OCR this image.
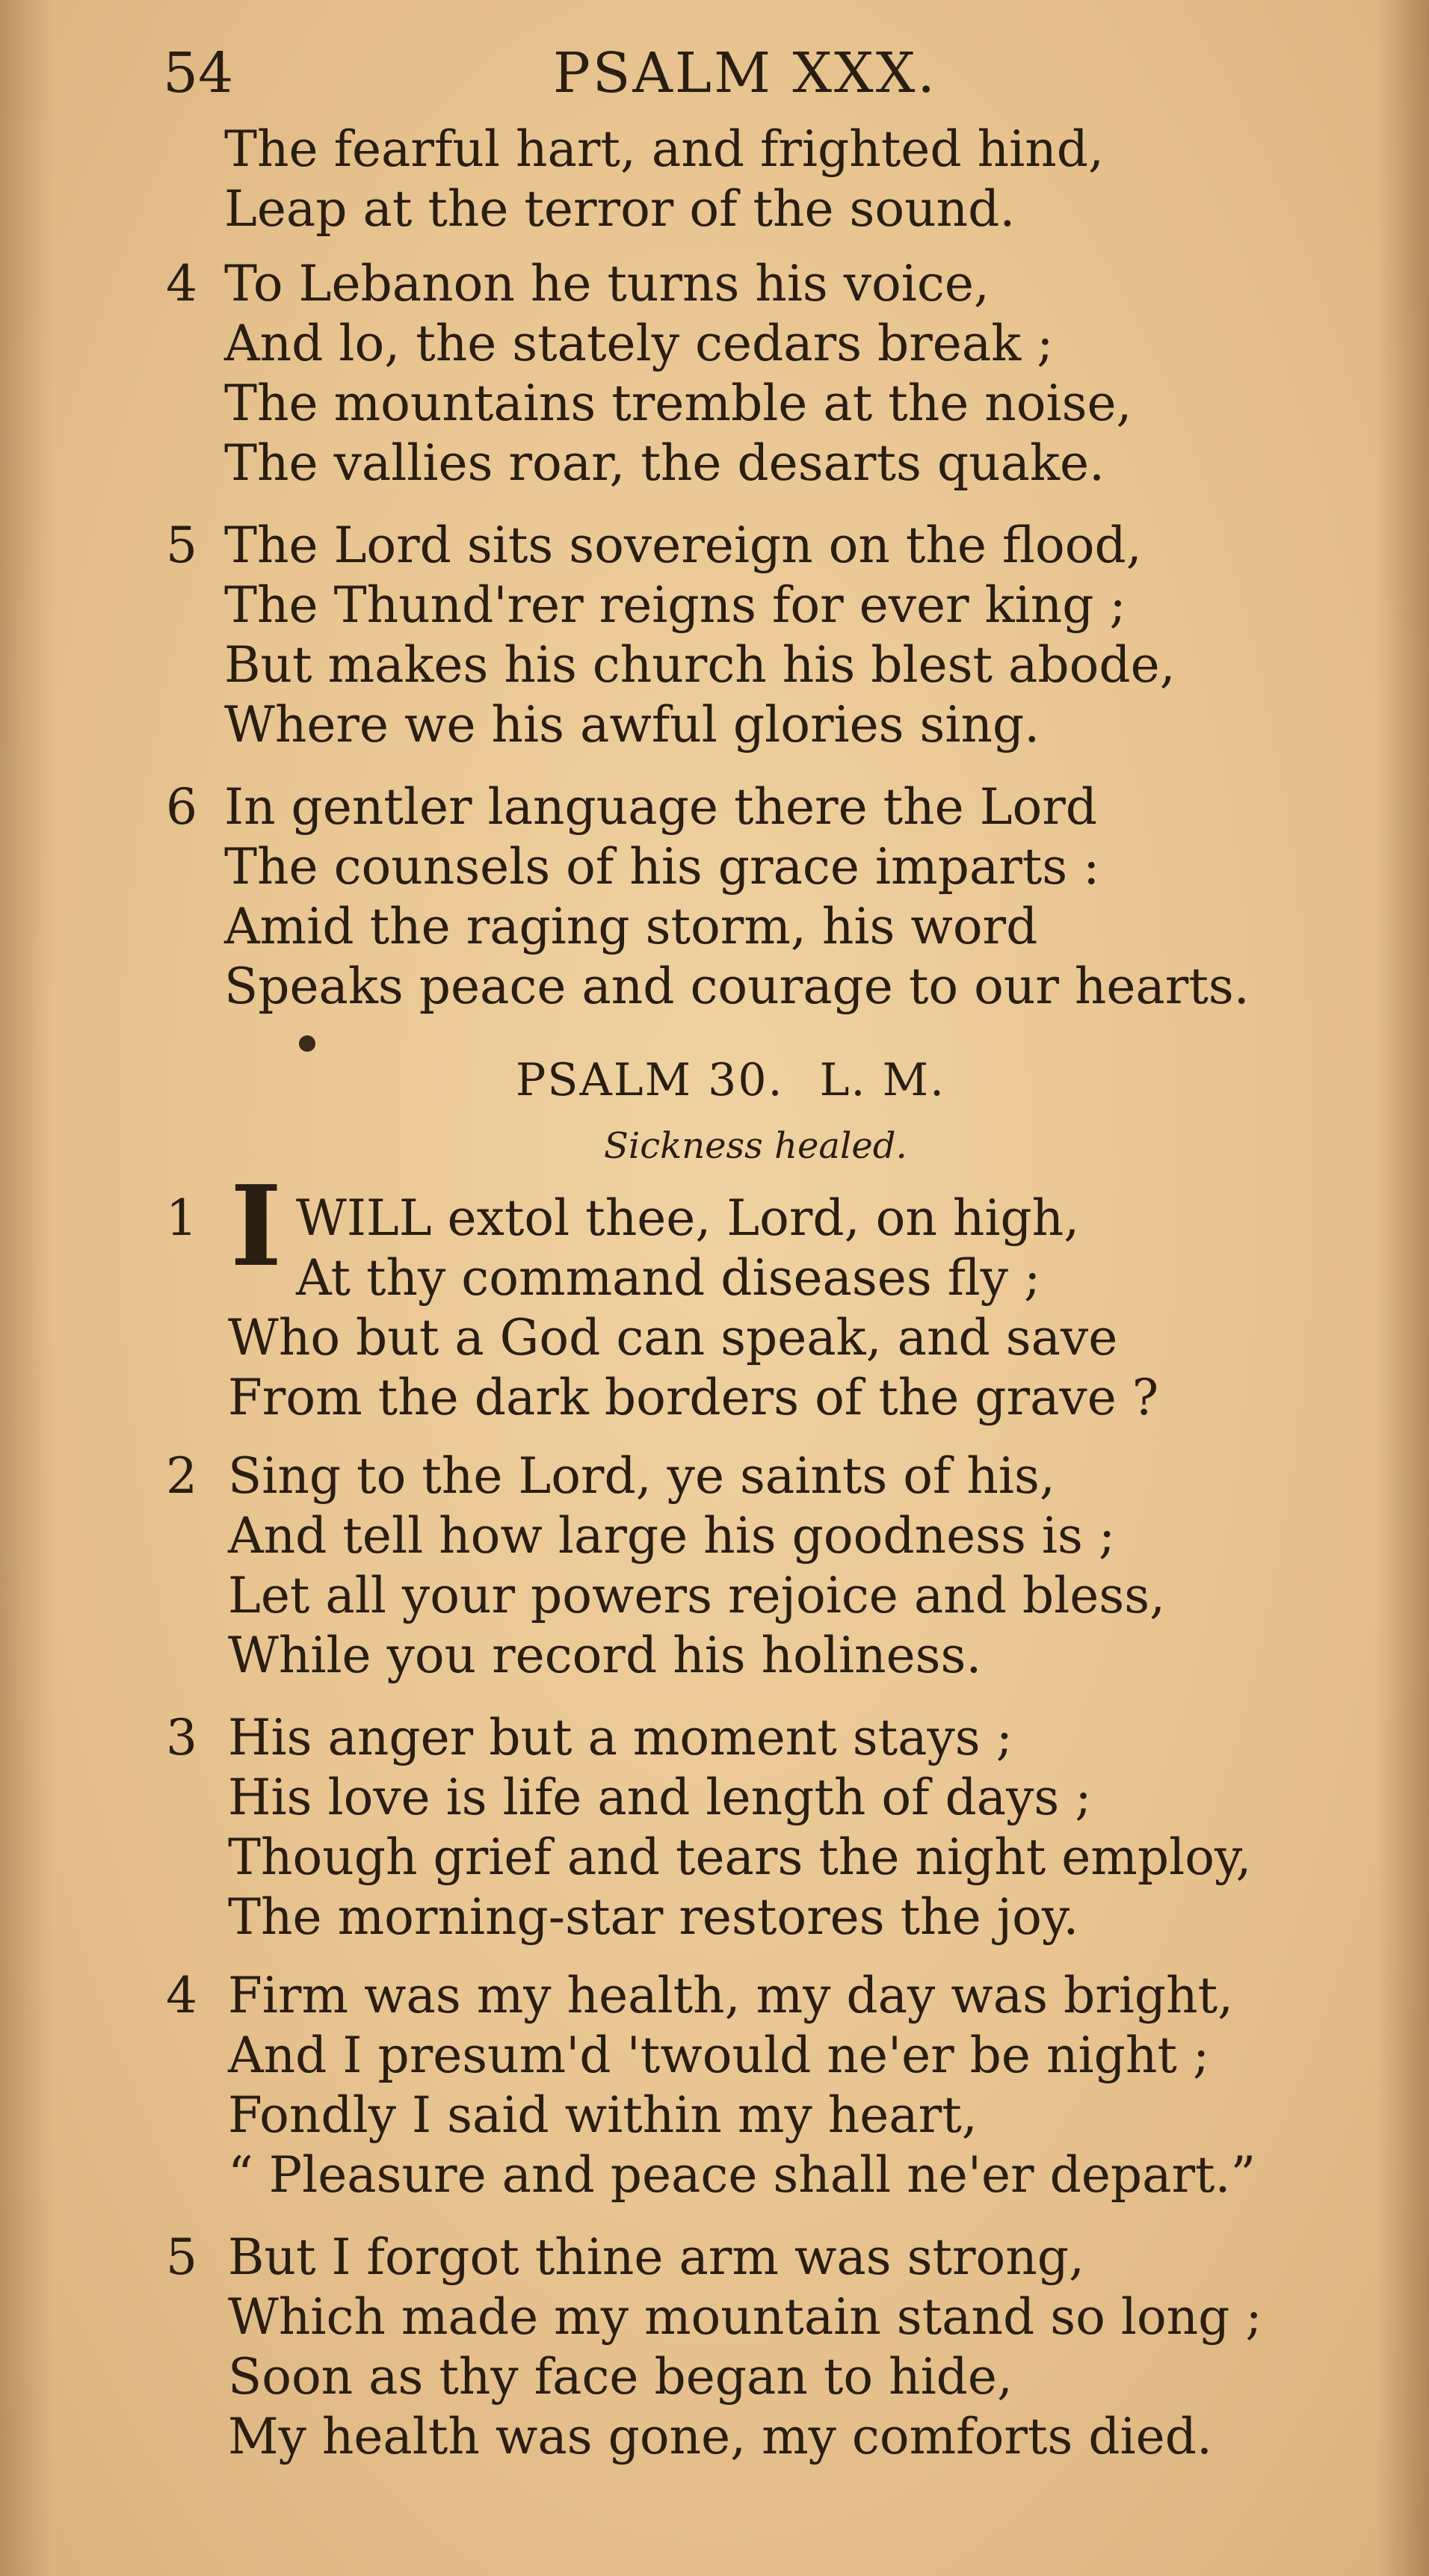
54	PSALM XXX.
The fearful hart, and frighted hind,
Leap at the terror of the sound.
4 To Lebanon he turns his voice,
And lo, the stately cedars break ;
The mountains tremble at the noise,
The vallies roar, the desarts quake.
5 The Lord sits sovereign on the flood,
The Thund'rer reigns for ever king ;
But makes his church his blest abode,
Where we his awful glories sing.
6 In gentler language there the Lord
The counsels of his grace imparts :
Amid the raging storm, his word
Speaks peace and courage to our hearts.
PSALM 30. L. M.
Sickness healed.
1 I WILL extol thee, Lord, on high,
At thy command diseases fly ;
Who but a God can speak, and save
From the dark borders of the grave ?
2 Sing to the Lord, ye saints of his,
And tell how large his goodness is ;
Let all your powers rejoice and bless,
While you record his holiness.
3 His anger but a moment stays ;
His love is life and length of days ;
Though grief and tears the night employ,
The morning-star restores the joy.
4 Firm was my health, my day was bright,
And I presum'd 'twould ne'er be night ;
Fondly I said within my heart,
“ Pleasure and peace shall ne'er depart.”
5 But I forgot thine arm was strong,
Which made my mountain stand so long ;
Soon as thy face began to hide,
My health was gone, my comforts died.
